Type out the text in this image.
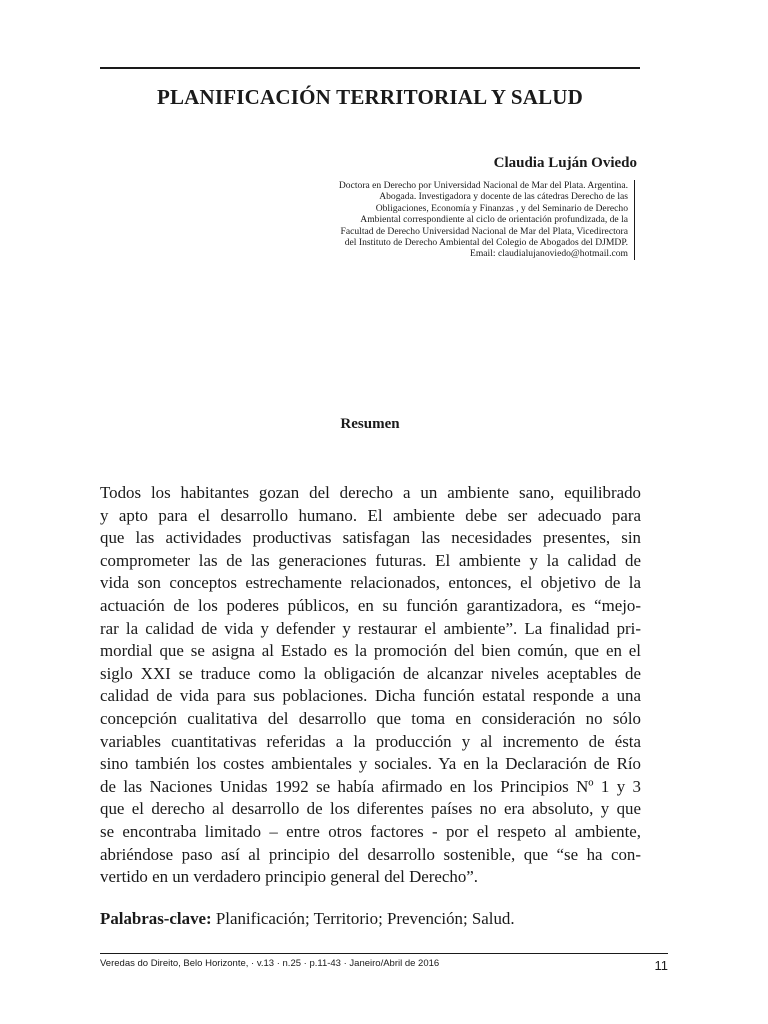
PLANIFICACIÓN TERRITORIAL Y SALUD
Claudia Luján Oviedo
Doctora en Derecho por Universidad Nacional de Mar del Plata. Argentina.
Abogada. Investigadora y docente de las cátedras Derecho de las
Obligaciones, Economía y Finanzas , y del Seminario de Derecho
Ambiental correspondiente al ciclo de orientación profundizada, de la
Facultad de Derecho Universidad Nacional de Mar del Plata, Vicedirectora
del Instituto de Derecho Ambiental del Colegio de Abogados del DJMDP.
Email: claudialujanoviedo@hotmail.com
Resumen
Todos los habitantes gozan del derecho a un ambiente sano, equilibrado
y apto para el desarrollo humano. El ambiente debe ser adecuado para
que las actividades productivas satisfagan las necesidades presentes, sin
comprometer las de las generaciones futuras. El ambiente y la calidad de
vida son conceptos estrechamente relacionados, entonces, el objetivo de la
actuación de los poderes públicos, en su función garantizadora, es “mejo-
rar la calidad de vida y defender y restaurar el ambiente”. La finalidad pri-
mordial que se asigna al Estado es la promoción del bien común, que en el
siglo XXI se traduce como la obligación de alcanzar niveles aceptables de
calidad de vida para sus poblaciones. Dicha función estatal responde a una
concepción cualitativa del desarrollo que toma en consideración no sólo
variables cuantitativas referidas a la producción y al incremento de ésta
sino también los costes ambientales y sociales. Ya en la Declaración de Río
de las Naciones Unidas 1992 se había afirmado en los Principios Nº 1 y 3
que el derecho al desarrollo de los diferentes países no era absoluto, y que
se encontraba limitado – entre otros factores - por el respeto al ambiente,
abriéndose paso así al principio del desarrollo sostenible, que “se ha con-
vertido en un verdadero principio general del Derecho”.
Palabras-clave: Planificación; Territorio; Prevención; Salud.
Veredas do Direito, Belo Horizonte, · v.13 · n.25 · p.11-43 · Janeiro/Abril de 2016	11
